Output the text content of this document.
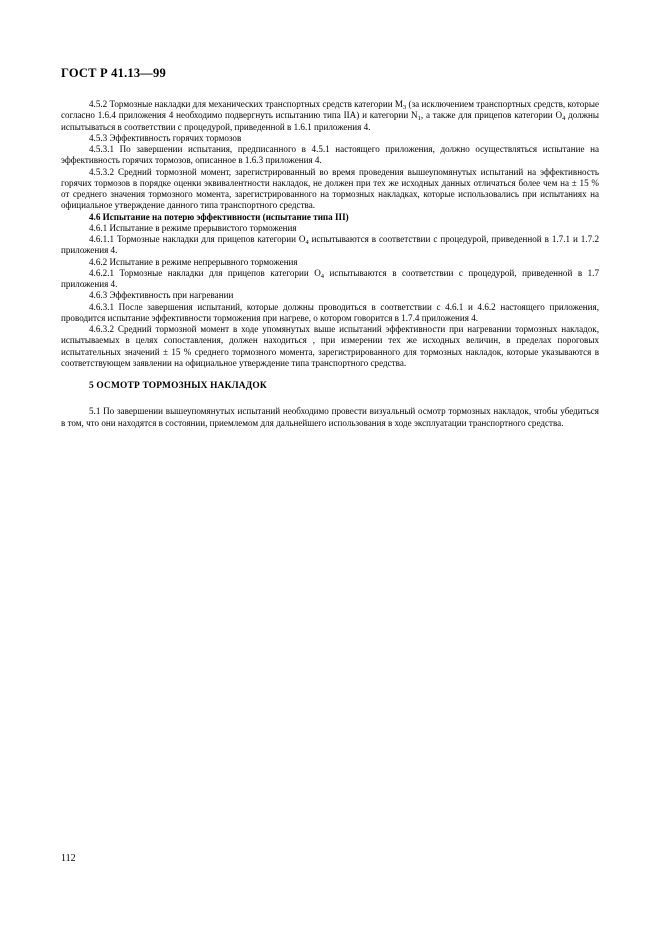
ГОСТ Р 41.13—99

4.5.2 Тормозные накладки для механических транспортных средств категории $M_3$ (за исключением транспортных средств, которые согласно 1.6.4 приложения 4 необходимо подвергнуть испытанию типа IIA) и категории $N_1$, а также для прицепов категории $O_4$ должны испытываться в соответствии с процедурой, приведенной в 1.6.1 приложения 4.

4.5.3 Эффективность горячих тормозов

4.5.3.1 По завершении испытания, предписанного в 4.5.1 настоящего приложения, должно осуществляться испытание на эффективность горячих тормозов, описанное в 1.6.3 приложения 4.

4.5.3.2 Средний тормозной момент, зарегистрированный во время проведения вышеупомянутых испытаний на эффективность горячих тормозов в порядке оценки эквивалентности накладок, не должен при тех же исходных данных отличаться более чем на ± 15 % от среднего значения тормозного момента, зарегистрированного на тормозных накладках, которые использовались при испытаниях на официальное утверждение данного типа транспортного средства.

4.6 Испытание на потерю эффективности (испытание типа III)

4.6.1 Испытание в режиме прерывистого торможения

4.6.1.1 Тормозные накладки для прицепов категории $O_4$ испытываются в соответствии с процедурой, приведенной в 1.7.1 и 1.7.2 приложения 4.

4.6.2 Испытание в режиме непрерывного торможения

4.6.2.1 Тормозные накладки для прицепов категории $O_4$ испытываются в соответствии с процедурой, приведенной в 1.7 приложения 4.

4.6.3 Эффективность при нагревании

4.6.3.1 После завершения испытаний, которые должны проводиться в соответствии с 4.6.1 и 4.6.2 настоящего приложения, проводится испытание эффективности торможения при нагреве, о котором говорится в 1.7.4 приложения 4.

4.6.3.2 Средний тормозной момент в ходе упомянутых выше испытаний эффективности при нагревании тормозных накладок, испытываемых в целях сопоставления, должен находиться , при измерении тех же исходных величин, в пределах пороговых испытательных значений ± 15 % среднего тормозного момента, зарегистрированного для тормозных накладок, которые указываются в соответствующем заявлении на официальное утверждение типа транспортного средства.

5 ОСМОТР ТОРМОЗНЫХ НАКЛАДОК

5.1 По завершении вышеупомянутых испытаний необходимо провести визуальный осмотр тормозных накладок, чтобы убедиться в том, что они находятся в состоянии, приемлемом для дальнейшего использования в ходе эксплуатации транспортного средства.

112
